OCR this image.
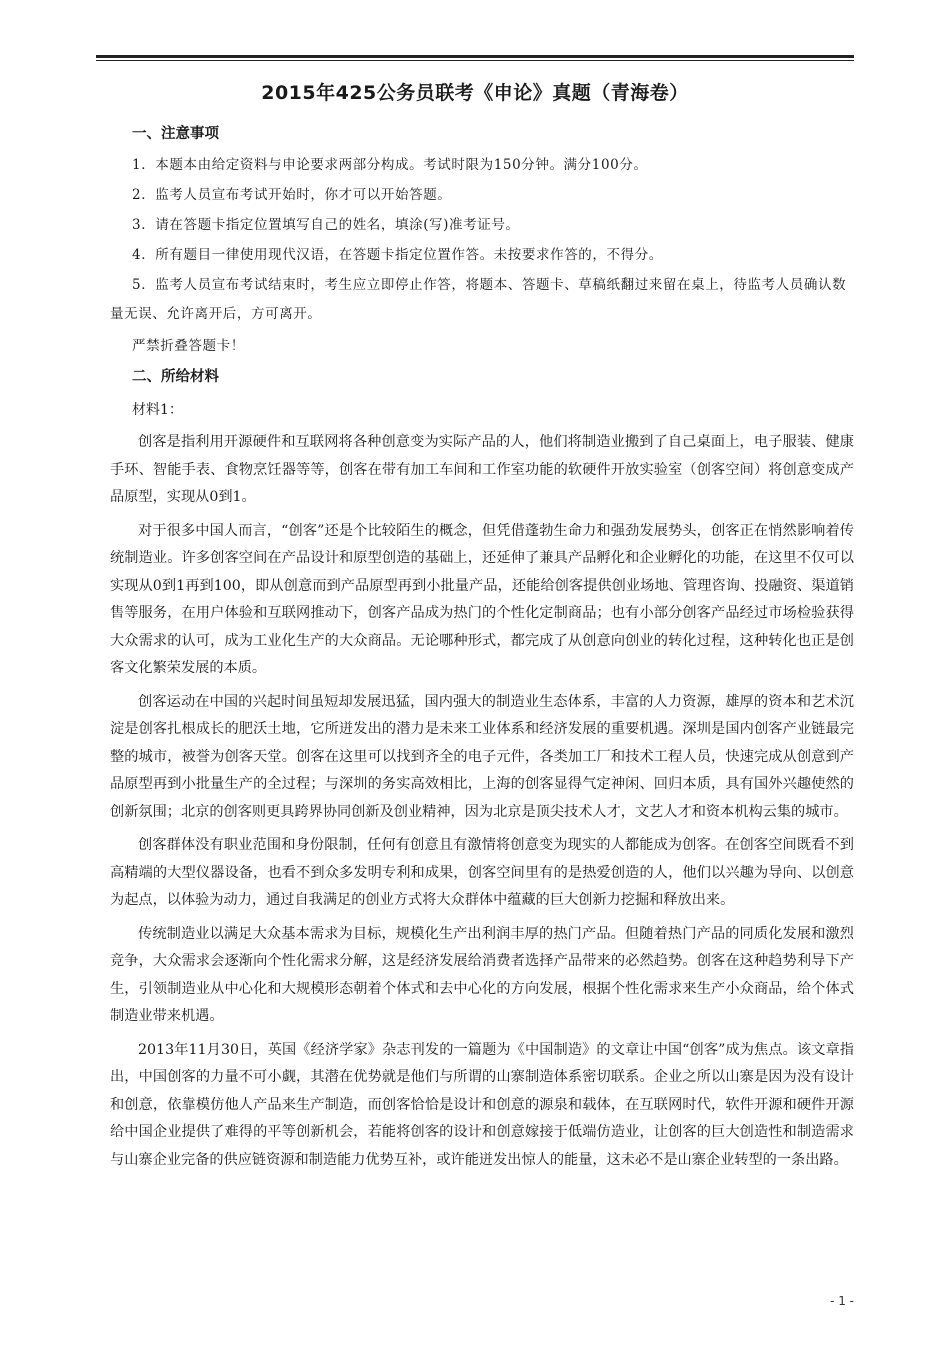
2015年425公务员联考《申论》真题（青海卷）
一、注意事项
1．本题本由给定资料与申论要求两部分构成。考试时限为150分钟。满分100分。
2．监考人员宣布考试开始时，你才可以开始答题。
3．请在答题卡指定位置填写自己的姓名，填涂(写)准考证号。
4．所有题目一律使用现代汉语，在答题卡指定位置作答。未按要求作答的，不得分。
5．监考人员宣布考试结束时，考生应立即停止作答，将题本、答题卡、草稿纸翻过来留在桌上，待监考人员确认数量无误、允许离开后，方可离开。
严禁折叠答题卡！
二、所给材料
材料1：

创客是指利用开源硬件和互联网将各种创意变为实际产品的人，他们将制造业搬到了自己桌面上，电子服装、健康手环、智能手表、食物烹饪器等等，创客在带有加工车间和工作室功能的软硬件开放实验室（创客空间）将创意变成产品原型，实现从0到1。

对于很多中国人而言，“创客”还是个比较陌生的概念，但凭借蓬勃生命力和强劲发展势头，创客正在悄然影响着传统制造业。许多创客空间在产品设计和原型创造的基础上，还延伸了兼具产品孵化和企业孵化的功能，在这里不仅可以实现从0到1再到100，即从创意而到产品原型再到小批量产品，还能给创客提供创业场地、管理咨询、投融资、渠道销售等服务，在用户体验和互联网推动下，创客产品成为热门的个性化定制商品；也有小部分创客产品经过市场检验获得大众需求的认可，成为工业化生产的大众商品。无论哪种形式，都完成了从创意向创业的转化过程，这种转化也正是创客文化繁荣发展的本质。

创客运动在中国的兴起时间虽短却发展迅猛，国内强大的制造业生态体系，丰富的人力资源，雄厚的资本和艺术沉淀是创客扎根成长的肥沃土地，它所迸发出的潜力是未来工业体系和经济发展的重要机遇。深圳是国内创客产业链最完整的城市，被誉为创客天堂。创客在这里可以找到齐全的电子元件，各类加工厂和技术工程人员，快速完成从创意到产品原型再到小批量生产的全过程；与深圳的务实高效相比，上海的创客显得气定神闲、回归本质，具有国外兴趣使然的创新氛围；北京的创客则更具跨界协同创新及创业精神，因为北京是顶尖技术人才，文艺人才和资本机构云集的城市。

创客群体没有职业范围和身份限制，任何有创意且有激情将创意变为现实的人都能成为创客。在创客空间既看不到高精端的大型仪器设备，也看不到众多发明专利和成果，创客空间里有的是热爱创造的人，他们以兴趣为导向、以创意为起点，以体验为动力，通过自我满足的创业方式将大众群体中蕴藏的巨大创新力挖掘和释放出来。

传统制造业以满足大众基本需求为目标，规模化生产出利润丰厚的热门产品。但随着热门产品的同质化发展和激烈竞争，大众需求会逐渐向个性化需求分解，这是经济发展给消费者选择产品带来的必然趋势。创客在这种趋势利导下产生，引领制造业从中心化和大规模形态朝着个体式和去中心化的方向发展，根据个性化需求来生产小众商品，给个体式制造业带来机遇。

2013年11月30日，英国《经济学家》杂志刊发的一篇题为《中国制造》的文章让中国“创客”成为焦点。该文章指出，中国创客的力量不可小觑，其潜在优势就是他们与所谓的山寨制造体系密切联系。企业之所以山寨是因为没有设计和创意，依靠模仿他人产品来生产制造，而创客恰恰是设计和创意的源泉和载体，在互联网时代，软件开源和硬件开源给中国企业提供了难得的平等创新机会，若能将创客的设计和创意嫁接于低端仿造业，让创客的巨大创造性和制造需求与山寨企业完备的供应链资源和制造能力优势互补，或许能迸发出惊人的能量，这未必不是山寨企业转型的一条出路。

- 1 -
